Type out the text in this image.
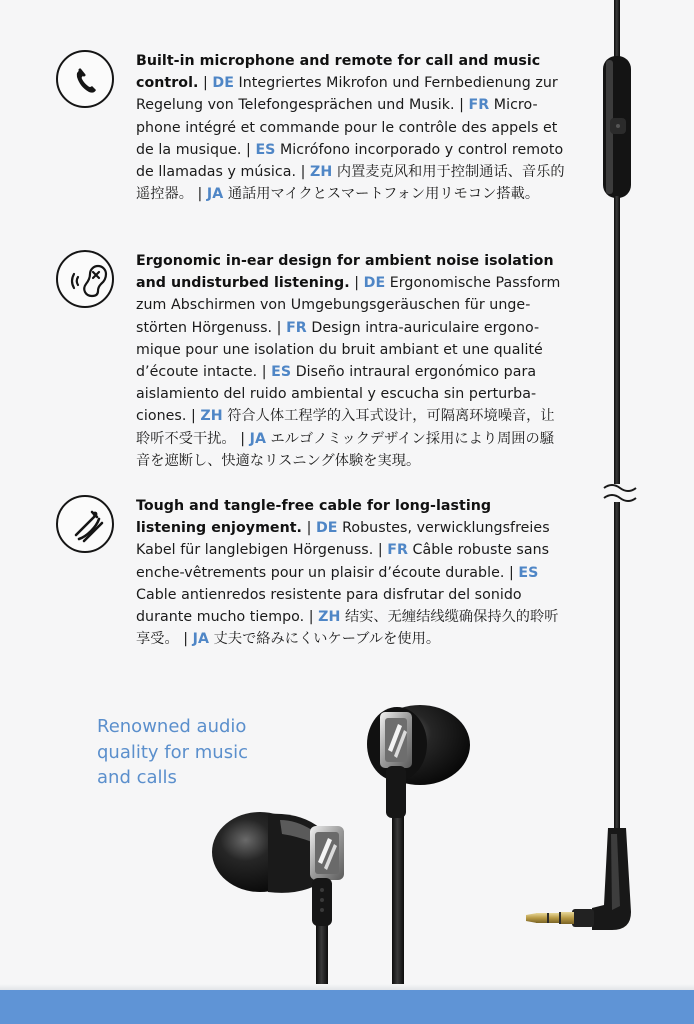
Built-in microphone and remote for call and music control. | DE Integriertes Mikrofon und Fernbedienung zur Regelung von Telefongesprächen und Musik. | FR Micro-phone intégré et commande pour le contrôle des appels et de la musique. | ES Micrófono incorporado y control remoto de llamadas y música. | ZH 内置麦克风和用于控制通话、音乐的遥控器。 | JA 通話用マイクとスマートフォン用リモコン搭載。
Ergonomic in-ear design for ambient noise isolation and undisturbed listening. | DE Ergonomische Passform zum Abschirmen von Umgebungsgeräuschen für unge-störten Hörgenuss. | FR Design intra-auriculaire ergono-mique pour une isolation du bruit ambiant et une qualité d’écoute intacte. | ES Diseño intraural ergonómico para aislamiento del ruido ambiental y escucha sin perturba-ciones. | ZH 符合人体工程学的入耳式设计，可隔离环境噪音，让聆听不受干扰。 | JA エルゴノミックデザイン採用により周囲の騒音を遮断し、快適なリスニング体験を実現。
Tough and tangle-free cable for long-lasting listening enjoyment. | DE Robustes, verwicklungsfreies Kabel für langlebigen Hörgenuss. | FR Câble robuste sans enche-vêtrements pour un plaisir d’écoute durable. | ES Cable antienredos resistente para disfrutar del sonido durante mucho tiempo. | ZH 结实、无缠结线缆确保持久的聆听享受。 | JA 丈夫で絡みにくいケーブルを使用。
Renowned audio
quality for music
and calls
